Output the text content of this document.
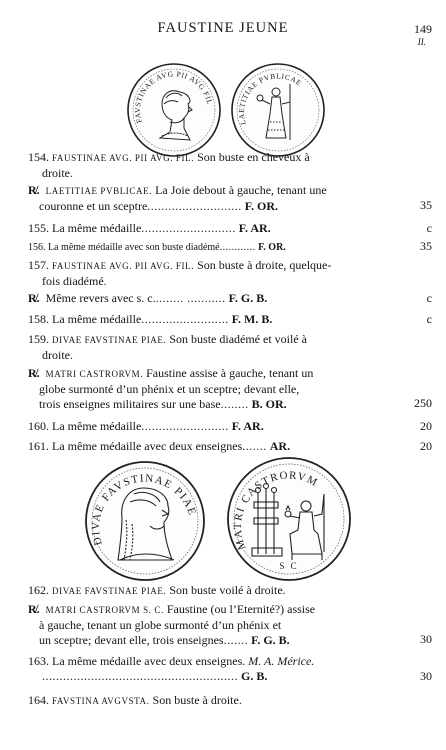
FAUSTINE JEUNE	149
II.
FAVSTINAE AVG PII AVG FIL
LAETITIAE PVBLICAE
154. FAUSTINAE AVG. PII AVG. FIL. Son buste en cheveux à
droite.
R̸. LAETITIAE PVBLICAE. La Joie debout à gauche, tenant une
couronne et un sceptre........................... F. OR.	35
155. La même médaille........................... F. AR.	c
156. La même médaille avec son buste diadémé............ F. OR.	35
157. FAUSTINAE AVG. PII AVG. FIL. Son buste à droite, quelque-
fois diadémé.
R̸. Même revers avec s. c......... ........... F. G. B.	c
158. La même médaille......................... F. M. B.	c
159. DIVAE FAVSTINAE PIAE. Son buste diadémé et voilé à
droite.
R̸. MATRI CASTRORVM. Faustine assise à gauche, tenant un
globe surmonté d’un phénix et un sceptre; devant elle,
trois enseignes militaires sur une base........ B. OR.	250
160. La même médaille......................... F. AR.	20
161. La même médaille avec deux enseignes....... AR.	20
DIVAE FAVSTINAE PIAE
MATRI CASTRORVM
S C
162. DIVAE FAVSTINAE PIAE. Son buste voilé à droite.
R̸. MATRI CASTRORVM S. C. Faustine (ou l’Eternité?) assise
à gauche, tenant un globe surmonté d’un phénix et
un sceptre; devant elle, trois enseignes....... F. G. B.	30
163. La même médaille avec deux enseignes. M. A. Mérice.
........................................................ G. B.	30
164. FAVSTINA AVGVSTA. Son buste à droite.
